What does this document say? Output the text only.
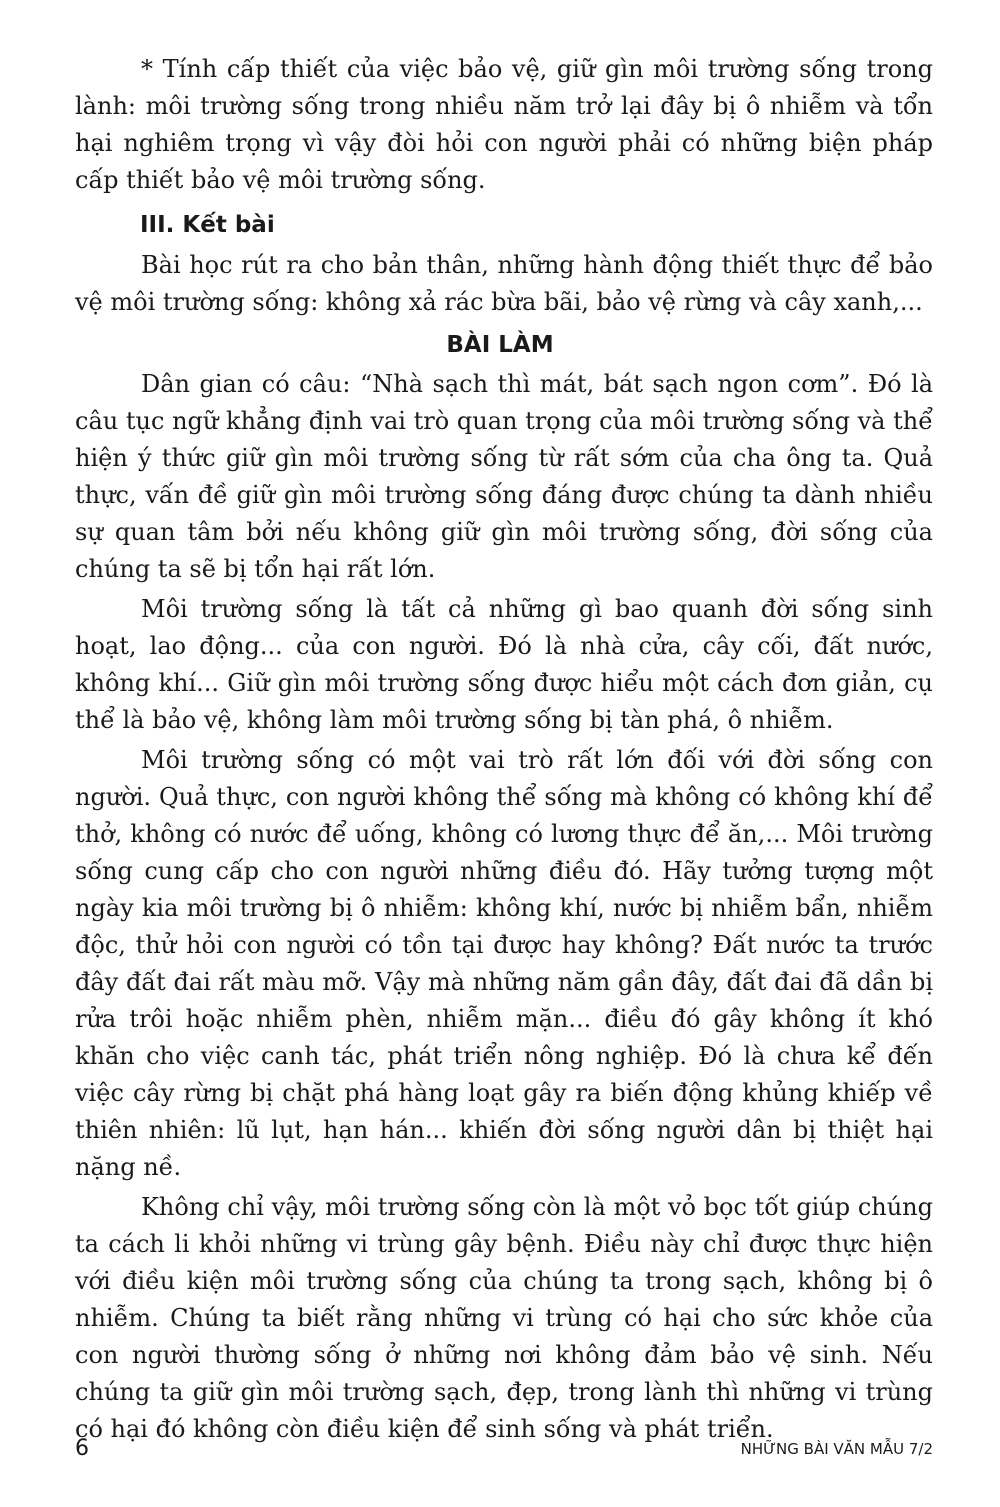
* Tính cấp thiết của việc bảo vệ, giữ gìn môi trường sống trong lành: môi trường sống trong nhiều năm trở lại đây bị ô nhiễm và tổn hại nghiêm trọng vì vậy đòi hỏi con người phải có những biện pháp cấp thiết bảo vệ môi trường sống.

III. Kết bài

Bài học rút ra cho bản thân, những hành động thiết thực để bảo vệ môi trường sống: không xả rác bừa bãi, bảo vệ rừng và cây xanh,...

BÀI LÀM

Dân gian có câu: “Nhà sạch thì mát, bát sạch ngon cơm”. Đó là câu tục ngữ khẳng định vai trò quan trọng của môi trường sống và thể hiện ý thức giữ gìn môi trường sống từ rất sớm của cha ông ta. Quả thực, vấn đề giữ gìn môi trường sống đáng được chúng ta dành nhiều sự quan tâm bởi nếu không giữ gìn môi trường sống, đời sống của chúng ta sẽ bị tổn hại rất lớn.

Môi trường sống là tất cả những gì bao quanh đời sống sinh hoạt, lao động... của con người. Đó là nhà cửa, cây cối, đất nước, không khí... Giữ gìn môi trường sống được hiểu một cách đơn giản, cụ thể là bảo vệ, không làm môi trường sống bị tàn phá, ô nhiễm.

Môi trường sống có một vai trò rất lớn đối với đời sống con người. Quả thực, con người không thể sống mà không có không khí để thở, không có nước để uống, không có lương thực để ăn,... Môi trường sống cung cấp cho con người những điều đó. Hãy tưởng tượng một ngày kia môi trường bị ô nhiễm: không khí, nước bị nhiễm bẩn, nhiễm độc, thử hỏi con người có tồn tại được hay không? Đất nước ta trước đây đất đai rất màu mỡ. Vậy mà những năm gần đây, đất đai đã dần bị rửa trôi hoặc nhiễm phèn, nhiễm mặn... điều đó gây không ít khó khăn cho việc canh tác, phát triển nông nghiệp. Đó là chưa kể đến việc cây rừng bị chặt phá hàng loạt gây ra biến động khủng khiếp về thiên nhiên: lũ lụt, hạn hán... khiến đời sống người dân bị thiệt hại nặng nề.

Không chỉ vậy, môi trường sống còn là một vỏ bọc tốt giúp chúng ta cách li khỏi những vi trùng gây bệnh. Điều này chỉ được thực hiện với điều kiện môi trường sống của chúng ta trong sạch, không bị ô nhiễm. Chúng ta biết rằng những vi trùng có hại cho sức khỏe của con người thường sống ở những nơi không đảm bảo vệ sinh. Nếu chúng ta giữ gìn môi trường sạch, đẹp, trong lành thì những vi trùng có hại đó không còn điều kiện để sinh sống và phát triển.

6	NHỮNG BÀI VĂN MẪU 7/2
